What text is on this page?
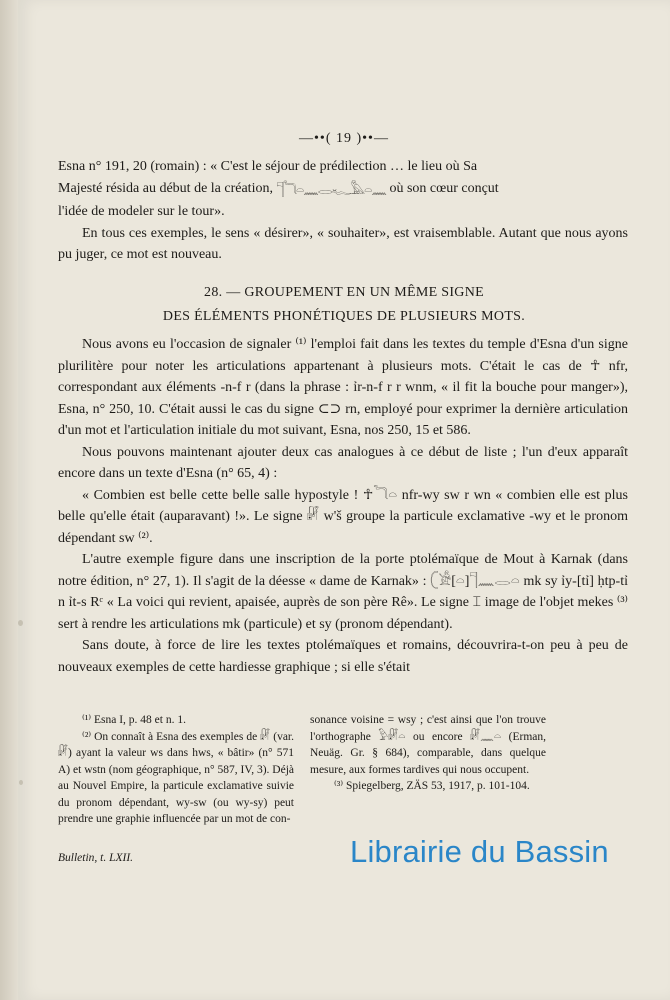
—••( 19 )••—

Esna n° 191, 20 (romain) : « C'est le séjour de prédilection … le lieu où Sa

Majesté résida au début de la création, 𓊹𓆓𓏏𓈖𓂋𓆑𓅓𓏏𓈖 où son cœur conçut

l'idée de modeler sur le tour».

En tous ces exemples, le sens « désirer», « souhaiter», est vraisemblable. Autant que nous ayons pu juger, ce mot est nouveau.

28. — GROUPEMENT EN UN MÊME SIGNE
DES ÉLÉMENTS PHONÉTIQUES DE PLUSIEURS MOTS.

Nous avons eu l'occasion de signaler ⁽¹⁾ l'emploi fait dans les textes du temple d'Esna d'un signe plurilitère pour noter les articulations appartenant à plusieurs mots. C'était le cas de ☥ nfr, correspondant aux éléments -n-f r (dans la phrase : ỉr-n-f r r wnm, « il fit la bouche pour manger»), Esna, n° 250, 10. C'était aussi le cas du signe ⊂⊃ rn, employé pour exprimer la dernière articulation d'un mot et l'articulation initiale du mot suivant, Esna, nos 250, 15 et 586.

Nous pouvons maintenant ajouter deux cas analogues à ce début de liste ; l'un d'eux apparaît encore dans un texte d'Esna (n° 65, 4) :

« Combien est belle cette belle salle hypostyle ! ☥𓆓𓏏 nfr-wy sw r wn « combien elle est plus belle qu'elle était (auparavant) !». Le signe 𓏞 w'š groupe la particule exclamative -wy et le pronom dépendant sw ⁽²⁾.

L'autre exemple figure dans une inscription de la porte ptolémaïque de Mout à Karnak (dans notre édition, n° 27, 1). Il s'agit de la déesse « dame de Karnak» : 𓍹𓀀[𓏏]𓊹𓈖𓂋𓏏 mk sy ỉy-[tỉ] ḥtp-tỉ n ỉt-s Rᶜ « La voici qui revient, apaisée, auprès de son père Rê». Le signe ⌶ image de l'objet mekes ⁽³⁾ sert à rendre les articulations mk (particule) et sy (pronom dépendant).

Sans doute, à force de lire les textes ptolémaïques et romains, découvrira-t-on peu à peu de nouveaux exemples de cette hardiesse graphique ; si elle s'était

⁽¹⁾ Esna I, p. 48 et n. 1.

⁽²⁾ On connaît à Esna des exemples de 𓏞 (var. 𓏞) ayant la valeur ws dans hws, « bâtir» (n° 571 A) et wstn (nom géographique, n° 587, IV, 3). Déjà au Nouvel Empire, la particule exclamative suivie du pronom dépendant, wy-sw (ou wy-sy) peut prendre une graphie influencée par un mot de con-

sonance voisine = wsy ; c'est ainsi que l'on trouve l'orthographe 𓅱𓏞𓏏 ou encore 𓏞𓈖𓏏 (Erman, Neuäg. Gr. § 684), comparable, dans quelque mesure, aux formes tardives qui nous occupent.

⁽³⁾ Spiegelberg, ZÄS 53, 1917, p. 101-104.

Bulletin, t. LXII.	Librairie du Bassin
